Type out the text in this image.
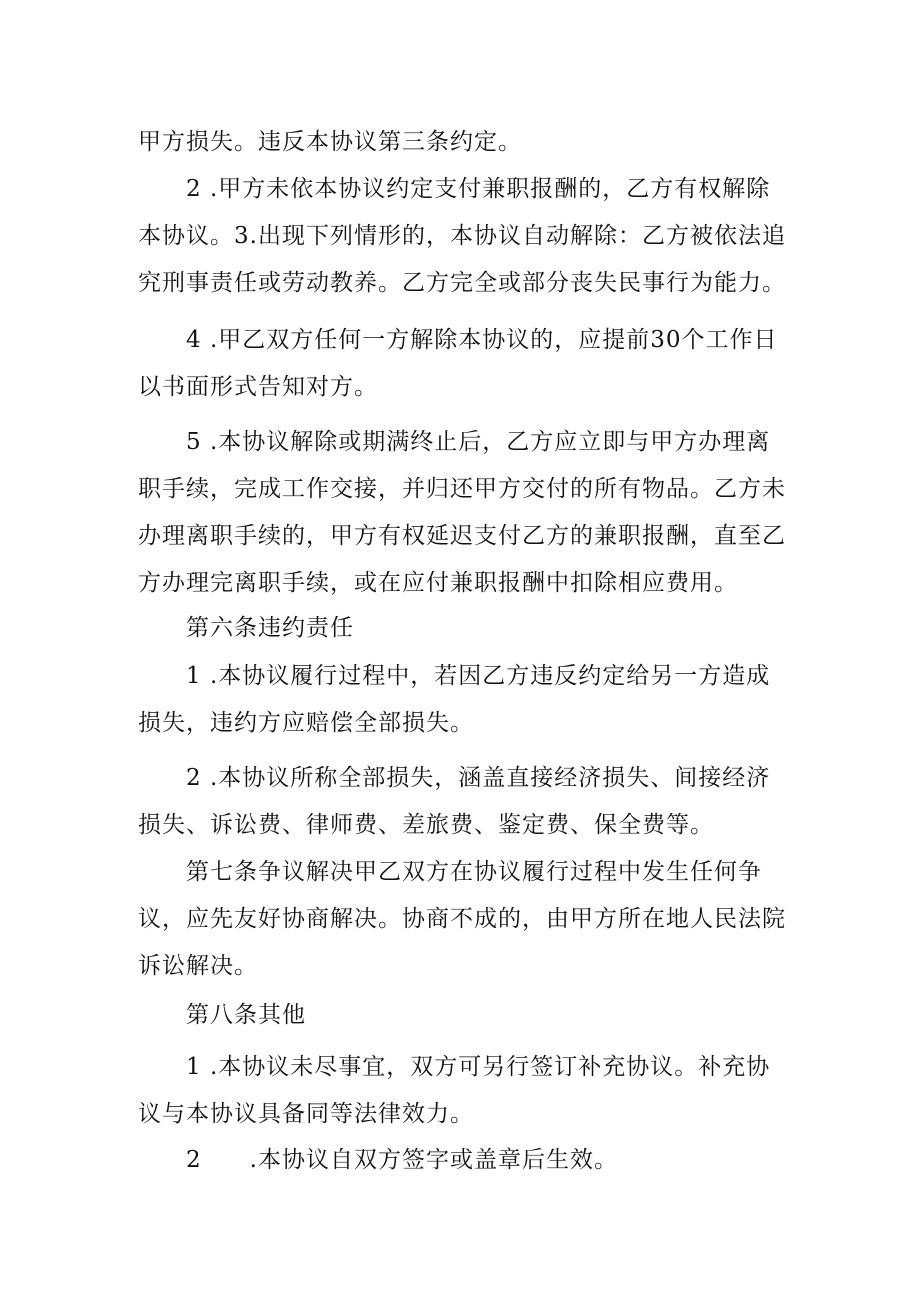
甲方损失。违反本协议第三条约定。

2 .甲方未依本协议约定支付兼职报酬的，乙方有权解除本协议。3.出现下列情形的，本协议自动解除：乙方被依法追究刑事责任或劳动教养。乙方完全或部分丧失民事行为能力。

4 .甲乙双方任何一方解除本协议的，应提前30个工作日以书面形式告知对方。

5 .本协议解除或期满终止后，乙方应立即与甲方办理离职手续，完成工作交接，并归还甲方交付的所有物品。乙方未办理离职手续的，甲方有权延迟支付乙方的兼职报酬，直至乙方办理完离职手续，或在应付兼职报酬中扣除相应费用。

第六条违约责任

1 .本协议履行过程中，若因乙方违反约定给另一方造成损失，违约方应赔偿全部损失。

2 .本协议所称全部损失，涵盖直接经济损失、间接经济损失、诉讼费、律师费、差旅费、鉴定费、保全费等。

第七条争议解决甲乙双方在协议履行过程中发生任何争议，应先友好协商解决。协商不成的，由甲方所在地人民法院诉讼解决。

第八条其他

1 .本协议未尽事宜，双方可另行签订补充协议。补充协议与本协议具备同等法律效力。

2　　.本协议自双方签字或盖章后生效。
